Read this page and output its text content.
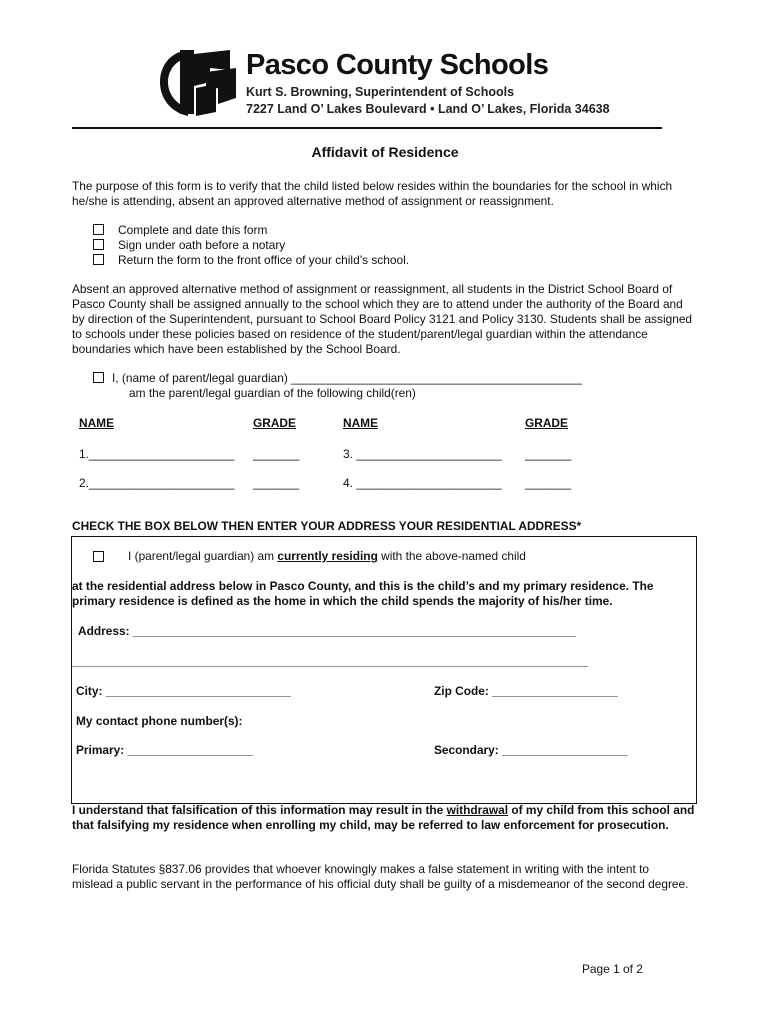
Pasco County Schools
Kurt S. Browning, Superintendent of Schools
7227 Land O’ Lakes Boulevard • Land O’ Lakes, Florida 34638
Affidavit of Residence
The purpose of this form is to verify that the child listed below resides within the boundaries for the school in which he/she is attending, absent an approved alternative method of assignment or reassignment.
Complete and date this form
Sign under oath before a notary
Return the form to the front office of your child’s school.
Absent an approved alternative method of assignment or reassignment, all students in the District School Board of Pasco County shall be assigned annually to the school which they are to attend under the authority of the Board and by direction of the Superintendent, pursuant to School Board Policy 3121 and Policy 3130. Students shall be assigned to schools under these policies based on residence of the student/parent/legal guardian within the attendance boundaries which have been established by the School Board.
I, (name of parent/legal guardian) ____________________________________________
am the parent/legal guardian of the following child(ren)
NAME	GRADE	NAME	GRADE
1.______________________ _______	3. ______________________ _______
2.______________________ _______	4. ______________________ _______
CHECK THE BOX BELOW THEN ENTER YOUR ADDRESS YOUR RESIDENTIAL ADDRESS*
I (parent/legal guardian) am currently residing with the above-named child
at the residential address below in Pasco County, and this is the child’s and my primary residence. The primary residence is defined as the home in which the child spends the majority of his/her time.
Address: ___________________________________________________________________
______________________________________________________________________________
City: ____________________________	Zip Code: ___________________
My contact phone number(s):
Primary: ___________________	Secondary: ___________________
I understand that falsification of this information may result in the withdrawal of my child from this school and that falsifying my residence when enrolling my child, may be referred to law enforcement for prosecution.
Florida Statutes §837.06 provides that whoever knowingly makes a false statement in writing with the intent to mislead a public servant in the performance of his official duty shall be guilty of a misdemeanor of the second degree.
Page 1 of 2
